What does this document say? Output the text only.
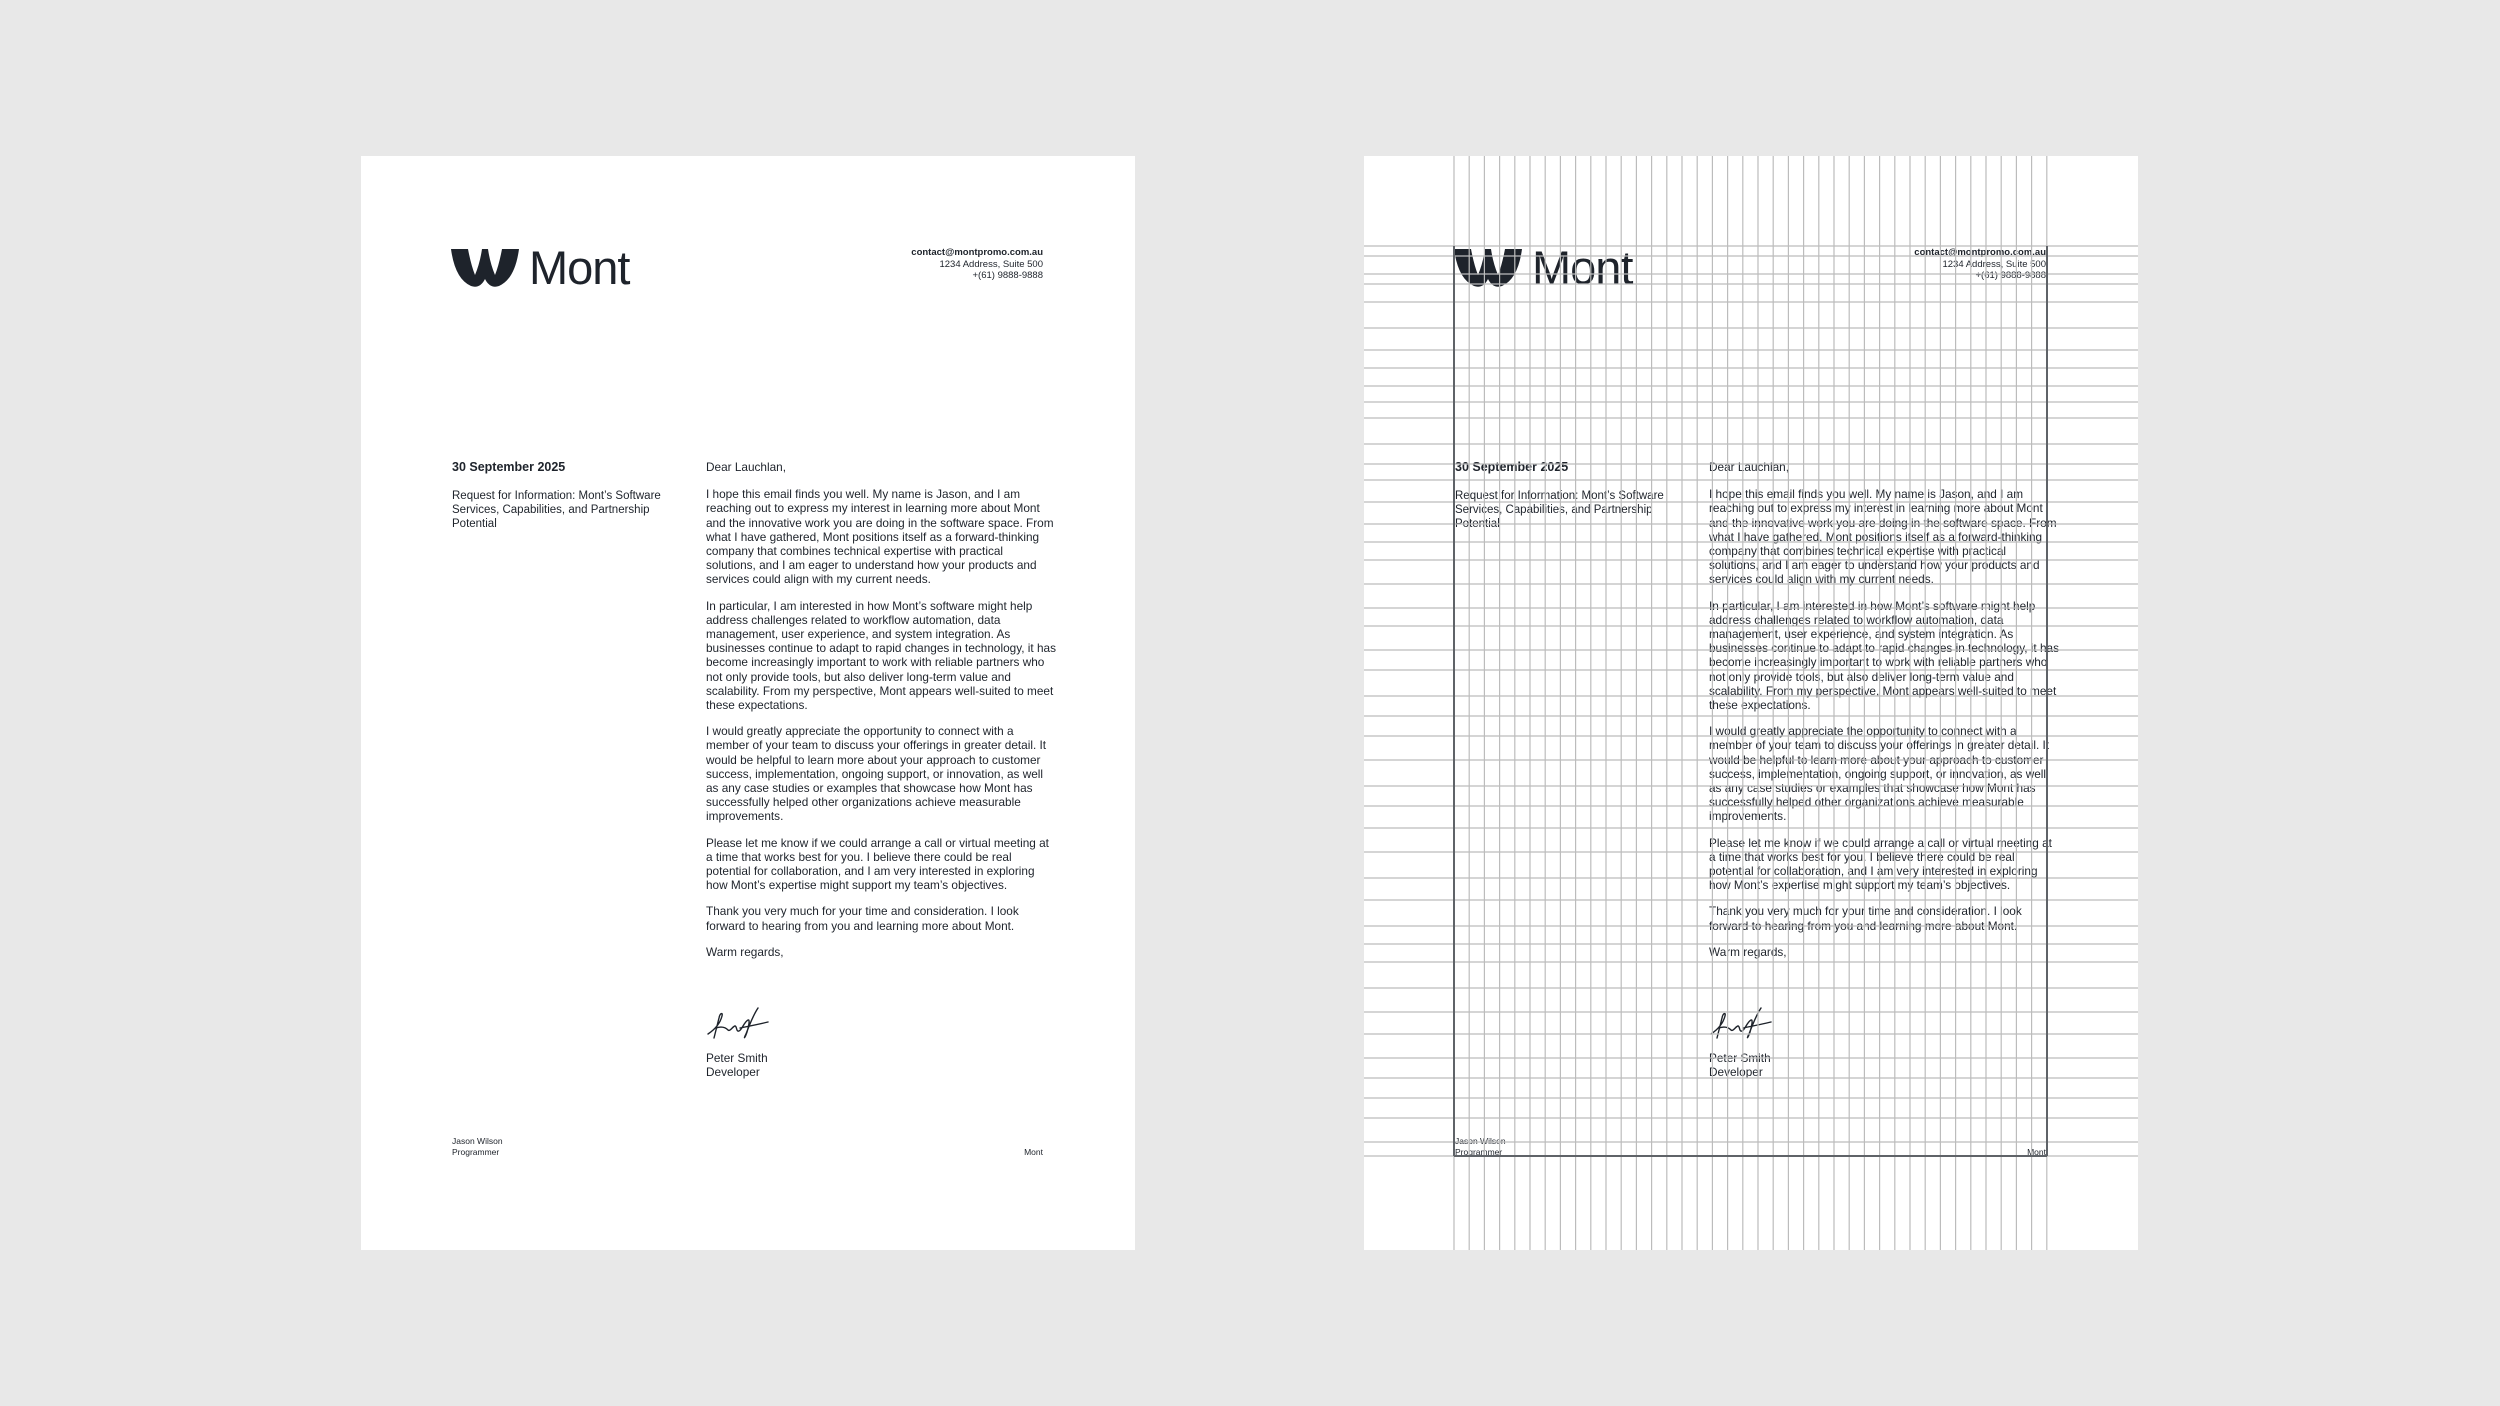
Mont	contact@montpromo.com.au
1234 Address, Suite 500
+(61) 9888-9888
30 September 2025
Request for Information: Mont’s Software Services, Capabilities, and Partnership Potential

Dear Lauchlan,

I hope this email finds you well. My name is Jason, and I am reaching out to express my interest in learning more about Mont and the innovative work you are doing in the software space. From what I have gathered, Mont positions itself as a forward-thinking company that combines technical expertise with practical solutions, and I am eager to understand how your products and services could align with my current needs.

In particular, I am interested in how Mont’s software might help address challenges related to workflow automation, data management, user experience, and system integration. As businesses continue to adapt to rapid changes in technology, it has become increasingly important to work with reliable partners who not only provide tools, but also deliver long-term value and scalability. From my perspective, Mont appears well-suited to meet these expectations.

I would greatly appreciate the opportunity to connect with a member of your team to discuss your offerings in greater detail. It would be helpful to learn more about your approach to customer success, implementation, ongoing support, or innovation, as well as any case studies or examples that showcase how Mont has successfully helped other organizations achieve measurable improvements.

Please let me know if we could arrange a call or virtual meeting at a time that works best for you. I believe there could be real potential for collaboration, and I am very interested in exploring how Mont’s expertise might support my team’s objectives.

Thank you very much for your time and consideration. I look forward to hearing from you and learning more about Mont.

Warm regards,

Peter Smith
Developer
Jason Wilson
Programmer	Mont
Mont	contact@montpromo.com.au
1234 Address, Suite 500
+(61) 9888-9888
30 September 2025
Request for Information: Mont’s Software Services, Capabilities, and Partnership Potential

Dear Lauchlan,

I hope this email finds you well. My name is Jason, and I am reaching out to express my interest in learning more about Mont and the innovative work you are doing in the software space. From what I have gathered, Mont positions itself as a forward-thinking company that combines technical expertise with practical solutions, and I am eager to understand how your products and services could align with my current needs.

In particular, I am interested in how Mont’s software might help address challenges related to workflow automation, data management, user experience, and system integration. As businesses continue to adapt to rapid changes in technology, it has become increasingly important to work with reliable partners who not only provide tools, but also deliver long-term value and scalability. From my perspective, Mont appears well-suited to meet these expectations.

I would greatly appreciate the opportunity to connect with a member of your team to discuss your offerings in greater detail. It would be helpful to learn more about your approach to customer success, implementation, ongoing support, or innovation, as well as any case studies or examples that showcase how Mont has successfully helped other organizations achieve measurable improvements.

Please let me know if we could arrange a call or virtual meeting at a time that works best for you. I believe there could be real potential for collaboration, and I am very interested in exploring how Mont’s expertise might support my team’s objectives.

Thank you very much for your time and consideration. I look forward to hearing from you and learning more about Mont.

Warm regards,

Peter Smith
Developer
Jason Wilson
Programmer	Mont
